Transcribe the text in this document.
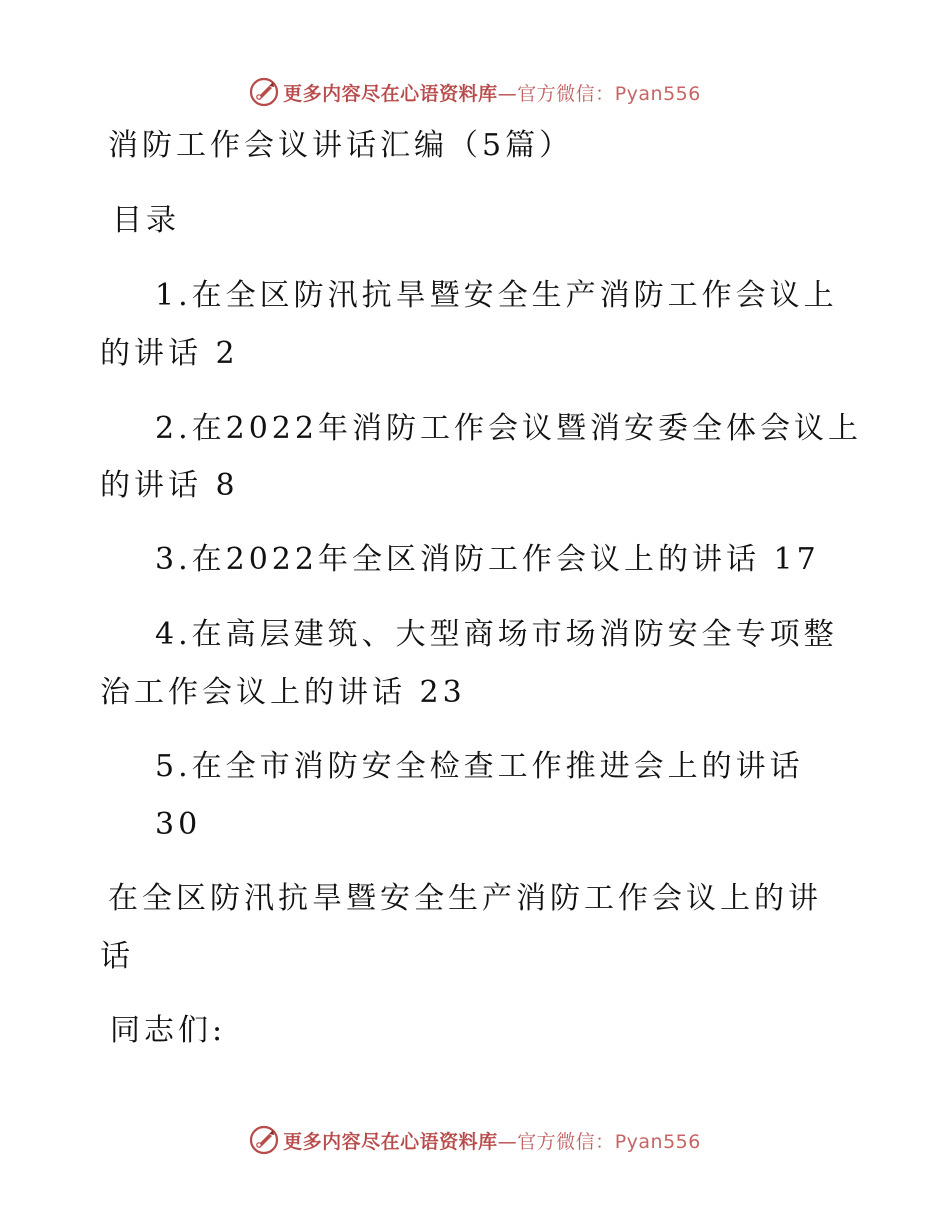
更多内容尽在心语资料库—官方微信：Pyan556
消防工作会议讲话汇编（5篇）
目录
1.在全区防汛抗旱暨安全生产消防工作会议上
的讲话 2
2.在2022年消防工作会议暨消安委全体会议上
的讲话 8
3.在2022年全区消防工作会议上的讲话 17
4.在高层建筑、大型商场市场消防安全专项整
治工作会议上的讲话 23
5.在全市消防安全检查工作推进会上的讲话
30
在全区防汛抗旱暨安全生产消防工作会议上的讲
话
同志们:
更多内容尽在心语资料库—官方微信：Pyan556
